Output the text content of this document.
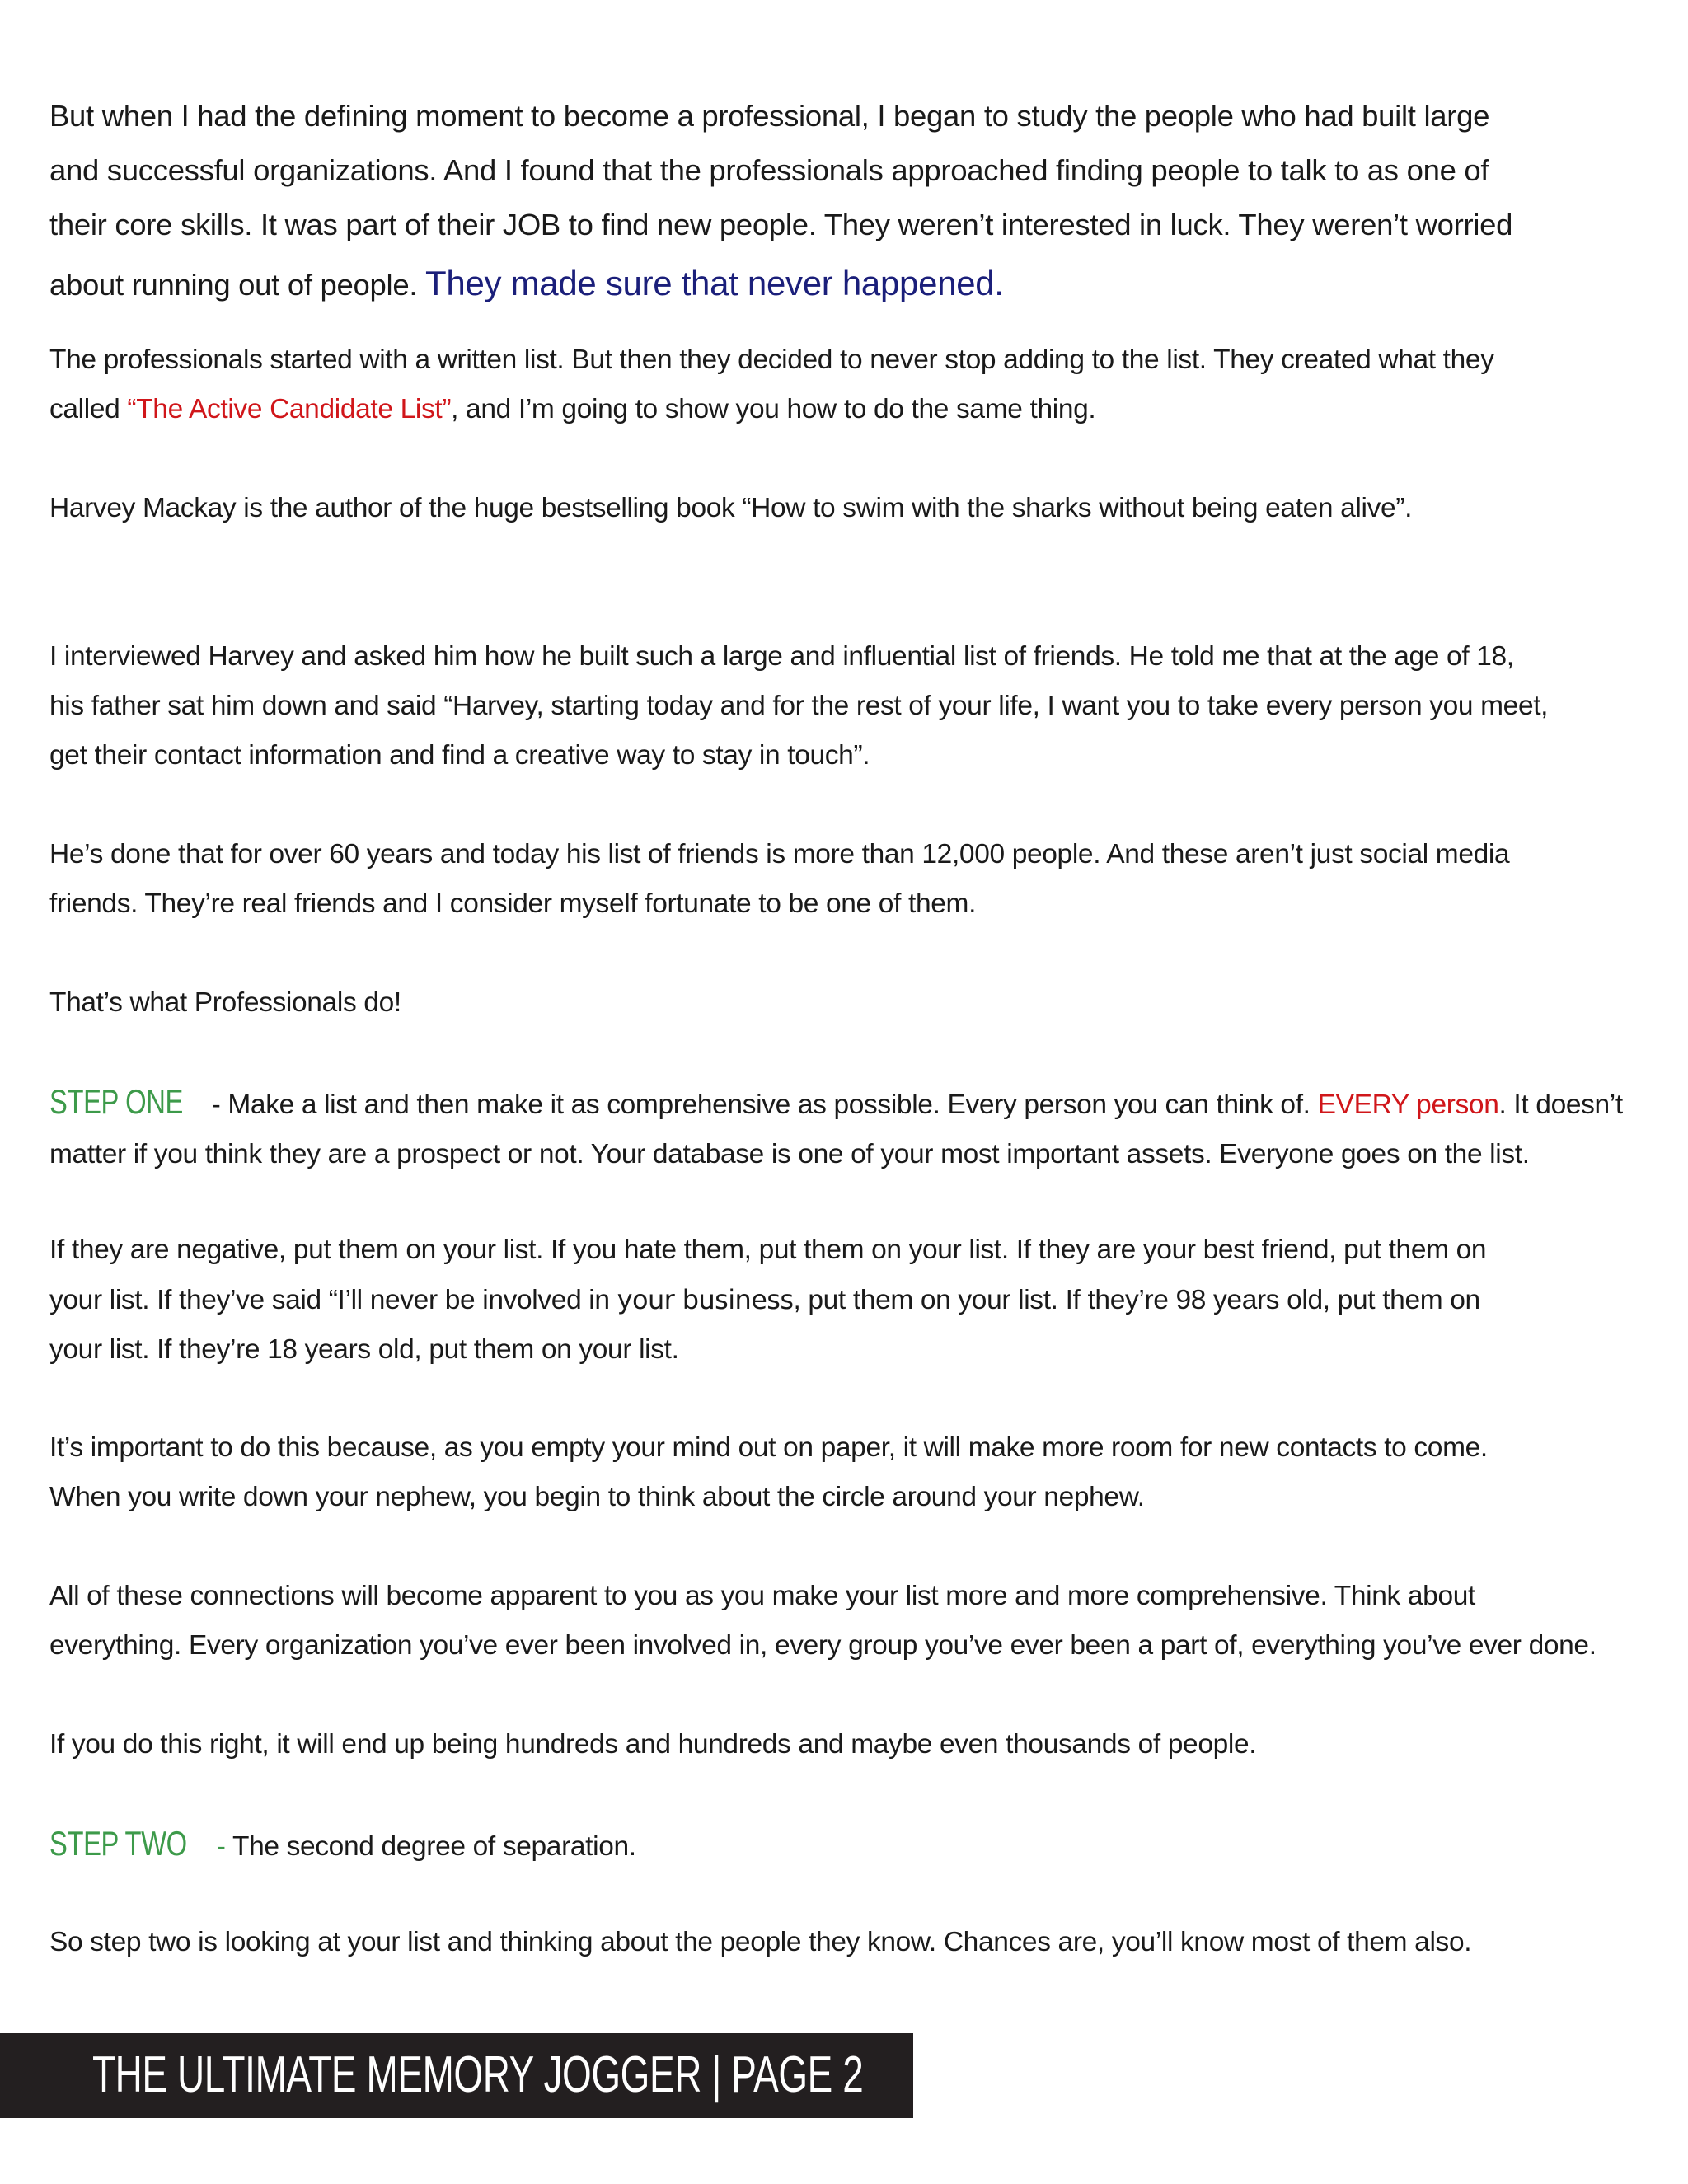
But when I had the defining moment to become a professional, I began to study the people who had built large
and successful organizations. And I found that the professionals approached finding people to talk to as one of
their core skills. It was part of their JOB to find new people. They weren’t interested in luck. They weren’t worried
about running out of people. They made sure that never happened.
The professionals started with a written list. But then they decided to never stop adding to the list. They created what they
called “The Active Candidate List”, and I’m going to show you how to do the same thing.
Harvey Mackay is the author of the huge bestselling book “How to swim with the sharks without being eaten alive”.
I interviewed Harvey and asked him how he built such a large and influential list of friends. He told me that at the age of 18,
his father sat him down and said “Harvey, starting today and for the rest of your life, I want you to take every person you meet,
get their contact information and find a creative way to stay in touch”.
He’s done that for over 60 years and today his list of friends is more than 12,000 people. And these aren’t just social media
friends. They’re real friends and I consider myself fortunate to be one of them.
That’s what Professionals do!
STEP ONE - Make a list and then make it as comprehensive as possible. Every person you can think of. EVERY person. It doesn’t
matter if you think they are a prospect or not. Your database is one of your most important assets. Everyone goes on the list.
If they are negative, put them on your list. If you hate them, put them on your list. If they are your best friend, put them on
your list. If they’ve said “I’ll never be involved in your business, put them on your list. If they’re 98 years old, put them on
your list. If they’re 18 years old, put them on your list.
It’s important to do this because, as you empty your mind out on paper, it will make more room for new contacts to come.
When you write down your nephew, you begin to think about the circle around your nephew.
All of these connections will become apparent to you as you make your list more and more comprehensive. Think about
everything. Every organization you’ve ever been involved in, every group you’ve ever been a part of, everything you’ve ever done.
If you do this right, it will end up being hundreds and hundreds and maybe even thousands of people.
STEP TWO - The second degree of separation.
So step two is looking at your list and thinking about the people they know. Chances are, you’ll know most of them also.
THE ULTIMATE MEMORY JOGGER | PAGE 2
